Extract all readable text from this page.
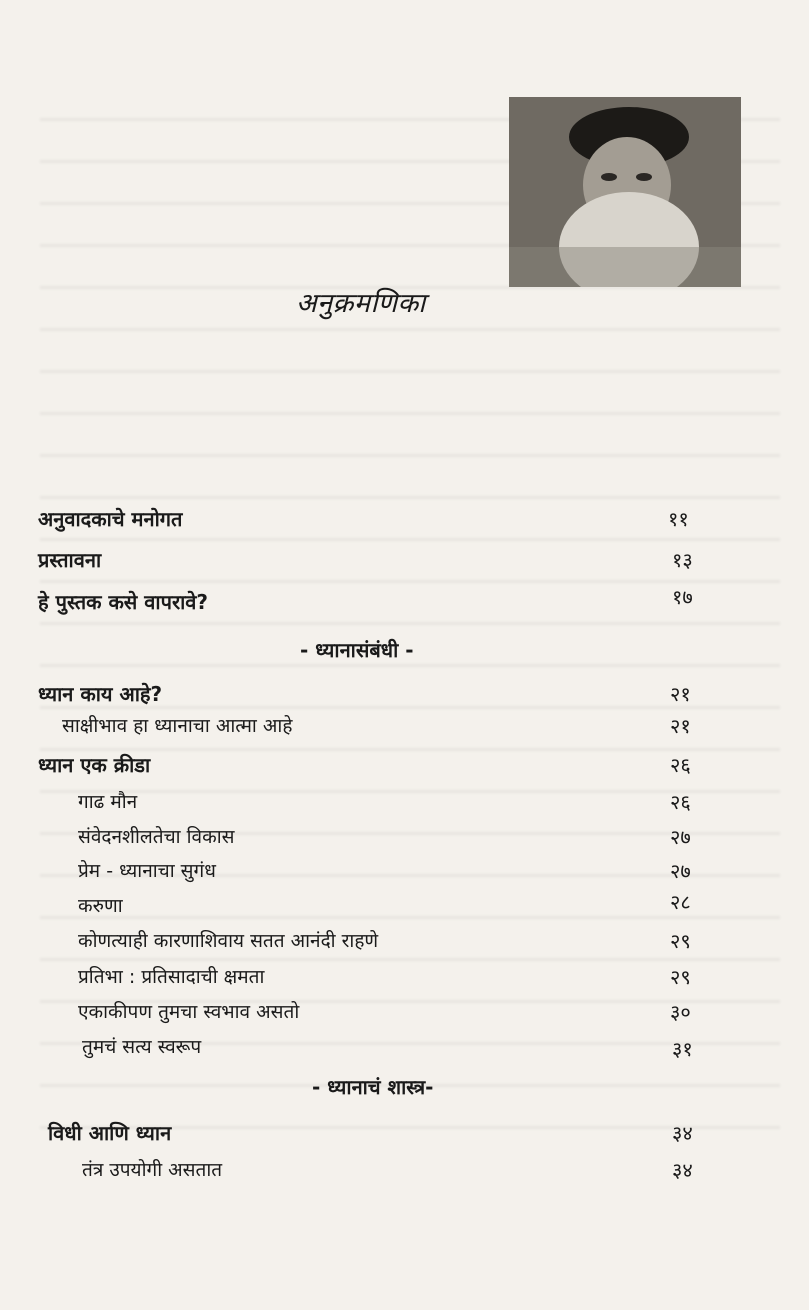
अनुक्रमणिका
अनुवादकाचे मनोगत	११
प्रस्तावना	१३
हे पुस्तक कसे वापरावे?	१७
- ध्यानासंबंधी -
ध्यान काय आहे?	२१
साक्षीभाव हा ध्यानाचा आत्मा आहे	२१
ध्यान एक क्रीडा	२६
गाढ मौन	२६
संवेदनशीलतेचा विकास	२७
प्रेम - ध्यानाचा सुगंध	२७
करुणा	२८
कोणत्याही कारणाशिवाय सतत आनंदी राहणे	२९
प्रतिभा : प्रतिसादाची क्षमता	२९
एकाकीपण तुमचा स्वभाव असतो	३०
तुमचं सत्य स्वरूप	३१
- ध्यानाचं शास्त्र-
विधी आणि ध्यान	३४
तंत्र उपयोगी असतात	३४
